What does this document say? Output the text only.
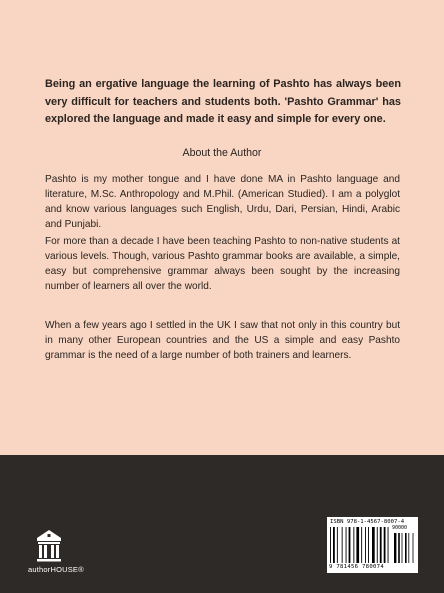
Being an ergative language the learning of Pashto has always been very difficult for teachers and students both. 'Pashto Grammar' has explored the language and made it easy and simple for every one.

About the Author

Pashto is my mother tongue and I have done MA in Pashto language and literature, M.Sc. Anthropology and M.Phil. (American Studied). I am a polyglot and know various languages such English, Urdu, Dari, Persian, Hindi, Arabic and Punjabi.

For more than a decade I have been teaching Pashto to non-native students at various levels. Though, various Pashto grammar books are available, a simple, easy but comprehensive grammar always been sought by the increasing number of learners all over the world.

When a few years ago I settled in the UK I saw that not only in this country but in many other European countries and the US a simple and easy Pashto grammar is the need of a large number of both trainers and learners.

authorHOUSE®
ISBN 978-1-4567-8007-4
90000
9 781456 780074
